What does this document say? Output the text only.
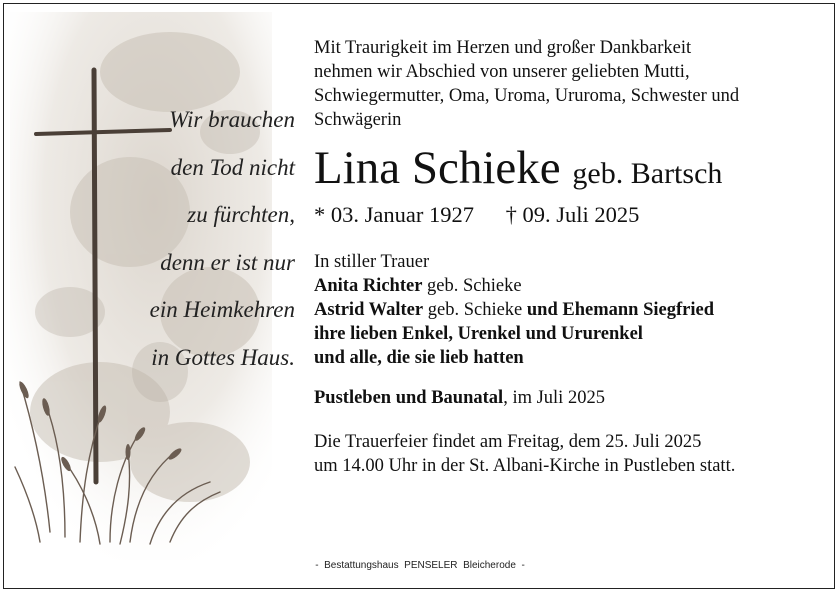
Wir brauchen
den Tod nicht
zu fürchten,
denn er ist nur
ein Heimkehren
in Gottes Haus.
Mit Traurigkeit im Herzen und großer Dankbarkeit
nehmen wir Abschied von unserer geliebten Mutti,
Schwiegermutter, Oma, Uroma, Ururoma, Schwester und
Schwägerin
Lina Schieke geb. Bartsch
* 03. Januar 1927 † 09. Juli 2025
In stiller Trauer
Anita Richter geb. Schieke
Astrid Walter geb. Schieke und Ehemann Siegfried
ihre lieben Enkel, Urenkel und Ururenkel
und alle, die sie lieb hatten
Pustleben und Baunatal, im Juli 2025
Die Trauerfeier findet am Freitag, dem 25. Juli 2025
um 14.00 Uhr in der St. Albani-Kirche in Pustleben statt.
-  Bestattungshaus  PENSELER  Bleicherode  -
